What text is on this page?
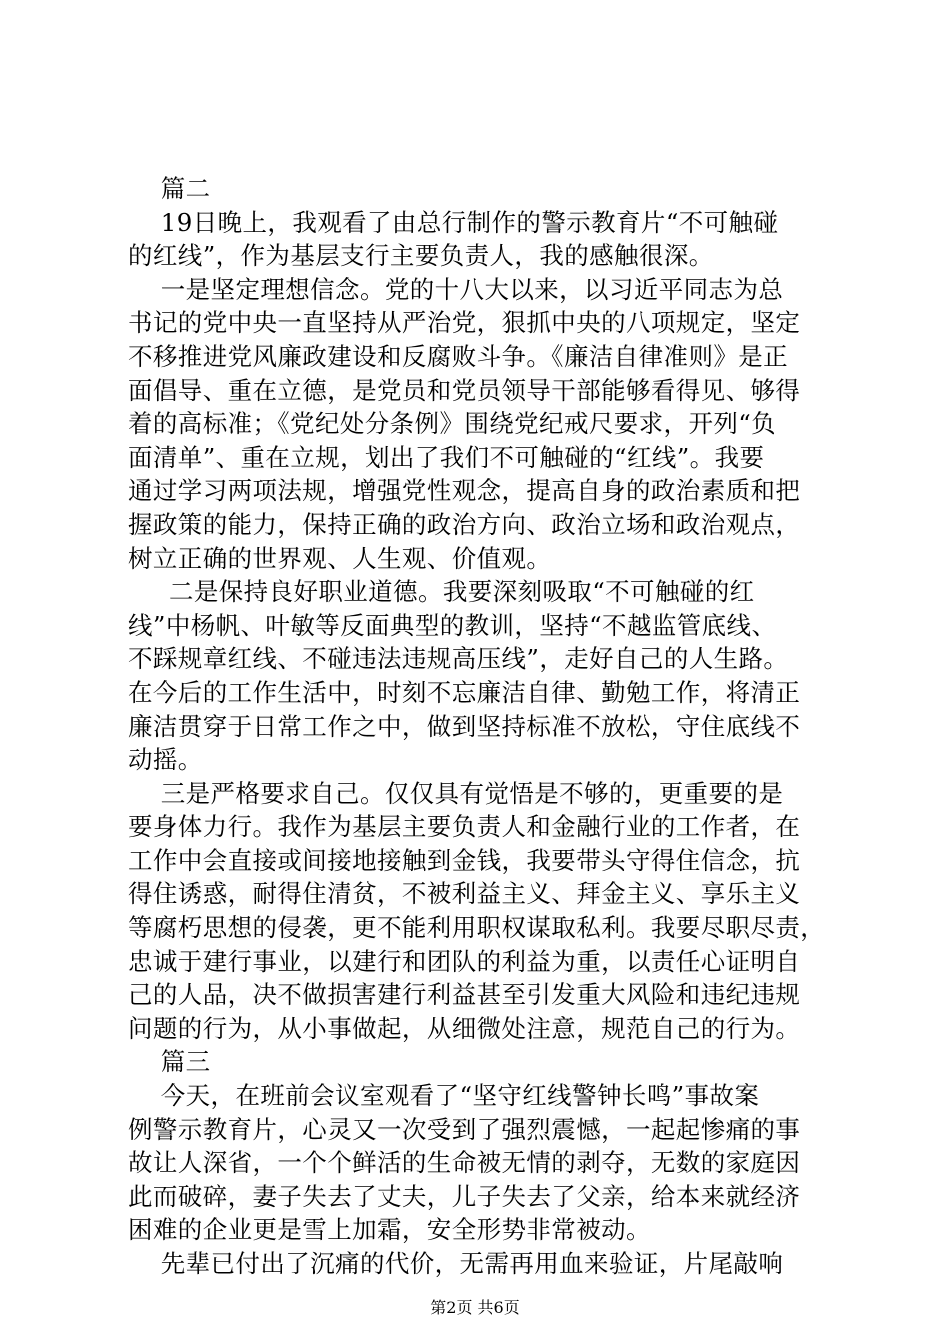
篇二
19日晚上，我观看了由总行制作的警示教育片“不可触碰
的红线”，作为基层支行主要负责人，我的感触很深。
一是坚定理想信念。党的十八大以来，以习近平同志为总
书记的党中央一直坚持从严治党，狠抓中央的八项规定，坚定
不移推进党风廉政建设和反腐败斗争。《廉洁自律准则》是正
面倡导、重在立德，是党员和党员领导干部能够看得见、够得
着的高标准；《党纪处分条例》围绕党纪戒尺要求，开列“负
面清单”、重在立规，划出了我们不可触碰的“红线”。我要
通过学习两项法规，增强党性观念，提高自身的政治素质和把
握政策的能力，保持正确的政治方向、政治立场和政治观点，
树立正确的世界观、人生观、价值观。
二是保持良好职业道德。我要深刻吸取“不可触碰的红
线”中杨帆、叶敏等反面典型的教训，坚持“不越监管底线、
不踩规章红线、不碰违法违规高压线”，走好自己的人生路。
在今后的工作生活中，时刻不忘廉洁自律、勤勉工作，将清正
廉洁贯穿于日常工作之中，做到坚持标准不放松，守住底线不
动摇。
三是严格要求自己。仅仅具有觉悟是不够的，更重要的是
要身体力行。我作为基层主要负责人和金融行业的工作者，在
工作中会直接或间接地接触到金钱，我要带头守得住信念，抗
得住诱惑，耐得住清贫，不被利益主义、拜金主义、享乐主义
等腐朽思想的侵袭，更不能利用职权谋取私利。我要尽职尽责，
忠诚于建行事业，以建行和团队的利益为重，以责任心证明自
己的人品，决不做损害建行利益甚至引发重大风险和违纪违规
问题的行为，从小事做起，从细微处注意，规范自己的行为。
篇三
今天，在班前会议室观看了“坚守红线警钟长鸣”事故案
例警示教育片，心灵又一次受到了强烈震憾，一起起惨痛的事
故让人深省，一个个鲜活的生命被无情的剥夺，无数的家庭因
此而破碎，妻子失去了丈夫，儿子失去了父亲，给本来就经济
困难的企业更是雪上加霜，安全形势非常被动。
先辈已付出了沉痛的代价，无需再用血来验证，片尾敲响
第2页 共6页
